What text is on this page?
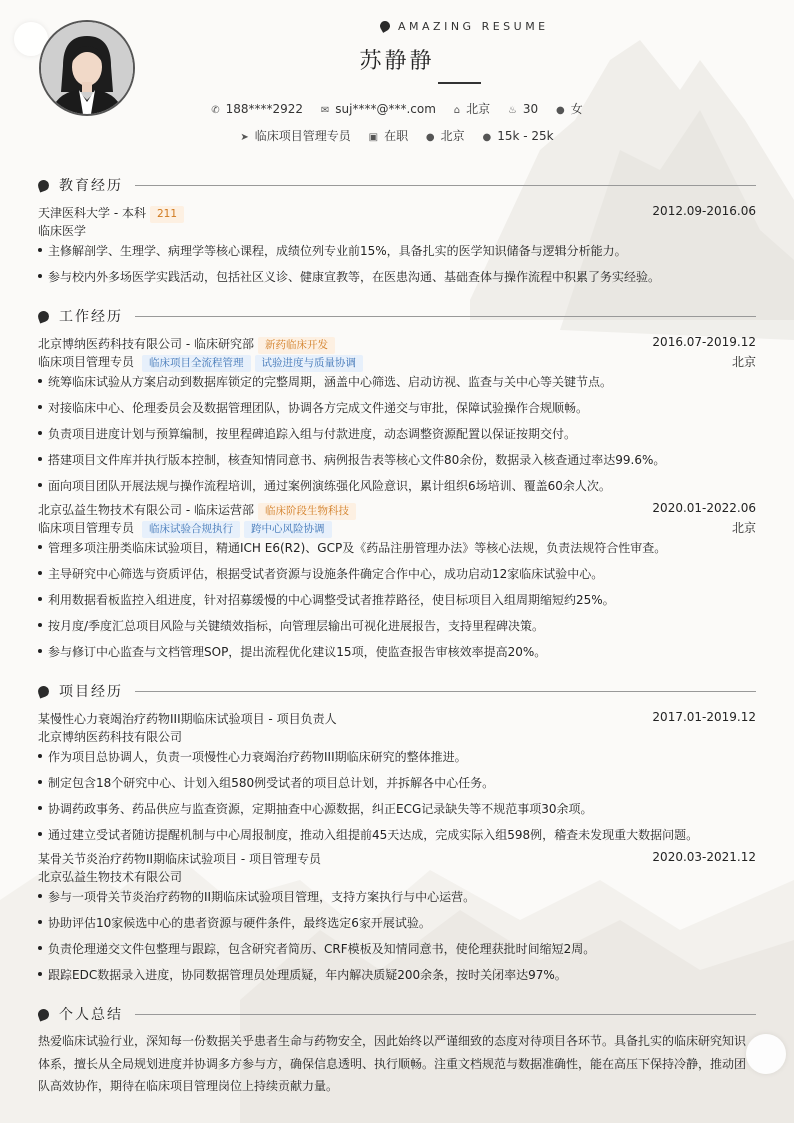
AMAZING RESUME
苏静静
✆ 188****2922 ✉ suj****@***.com ⌂ 北京 ♨ 30 ● 女
➤ 临床项目管理专员 ▣ 在职 ● 北京 ● 15k - 25k
教育经历
天津医科大学 - 本科 211	2012.09-2016.06
临床医学
主修解剖学、生理学、病理学等核心课程，成绩位列专业前15%，具备扎实的医学知识储备与逻辑分析能力。
参与校内外多场医学实践活动，包括社区义诊、健康宣教等，在医患沟通、基础查体与操作流程中积累了务实经验。
工作经历
北京博纳医药科技有限公司 - 临床研究部 新药临床开发	2016.07-2019.12
临床项目管理专员 临床项目全流程管理 试验进度与质量协调	北京
统筹临床试验从方案启动到数据库锁定的完整周期，涵盖中心筛选、启动访视、监查与关中心等关键节点。
对接临床中心、伦理委员会及数据管理团队，协调各方完成文件递交与审批，保障试验操作合规顺畅。
负责项目进度计划与预算编制，按里程碑追踪入组与付款进度，动态调整资源配置以保证按期交付。
搭建项目文件库并执行版本控制，核查知情同意书、病例报告表等核心文件80余份，数据录入核查通过率达99.6%。
面向项目团队开展法规与操作流程培训，通过案例演练强化风险意识，累计组织6场培训、覆盖60余人次。
北京弘益生物技术有限公司 - 临床运营部 临床阶段生物科技	2020.01-2022.06
临床项目管理专员 临床试验合规执行 跨中心风险协调	北京
管理多项注册类临床试验项目，精通ICH E6(R2)、GCP及《药品注册管理办法》等核心法规，负责法规符合性审查。
主导研究中心筛选与资质评估，根据受试者资源与设施条件确定合作中心，成功启动12家临床试验中心。
利用数据看板监控入组进度，针对招募缓慢的中心调整受试者推荐路径，使目标项目入组周期缩短约25%。
按月度/季度汇总项目风险与关键绩效指标，向管理层输出可视化进展报告，支持里程碑决策。
参与修订中心监查与文档管理SOP，提出流程优化建议15项，使监查报告审核效率提高20%。
项目经历
某慢性心力衰竭治疗药物III期临床试验项目 - 项目负责人	2017.01-2019.12
北京博纳医药科技有限公司
作为项目总协调人，负责一项慢性心力衰竭治疗药物III期临床研究的整体推进。
制定包含18个研究中心、计划入组580例受试者的项目总计划，并拆解各中心任务。
协调药政事务、药品供应与监查资源，定期抽查中心源数据，纠正ECG记录缺失等不规范事项30余项。
通过建立受试者随访提醒机制与中心周报制度，推动入组提前45天达成，完成实际入组598例，稽查未发现重大数据问题。
某骨关节炎治疗药物II期临床试验项目 - 项目管理专员	2020.03-2021.12
北京弘益生物技术有限公司
参与一项骨关节炎治疗药物的II期临床试验项目管理，支持方案执行与中心运营。
协助评估10家候选中心的患者资源与硬件条件，最终选定6家开展试验。
负责伦理递交文件包整理与跟踪，包含研究者简历、CRF模板及知情同意书，使伦理获批时间缩短2周。
跟踪EDC数据录入进度，协同数据管理员处理质疑，年内解决质疑200余条，按时关闭率达97%。
个人总结
热爱临床试验行业，深知每一份数据关乎患者生命与药物安全，因此始终以严谨细致的态度对待项目各环节。具备扎实的临床研究知识体系，擅长从全局规划进度并协调多方参与方，确保信息透明、执行顺畅。注重文档规范与数据准确性，能在高压下保持冷静，推动团队高效协作，期待在临床项目管理岗位上持续贡献力量。
